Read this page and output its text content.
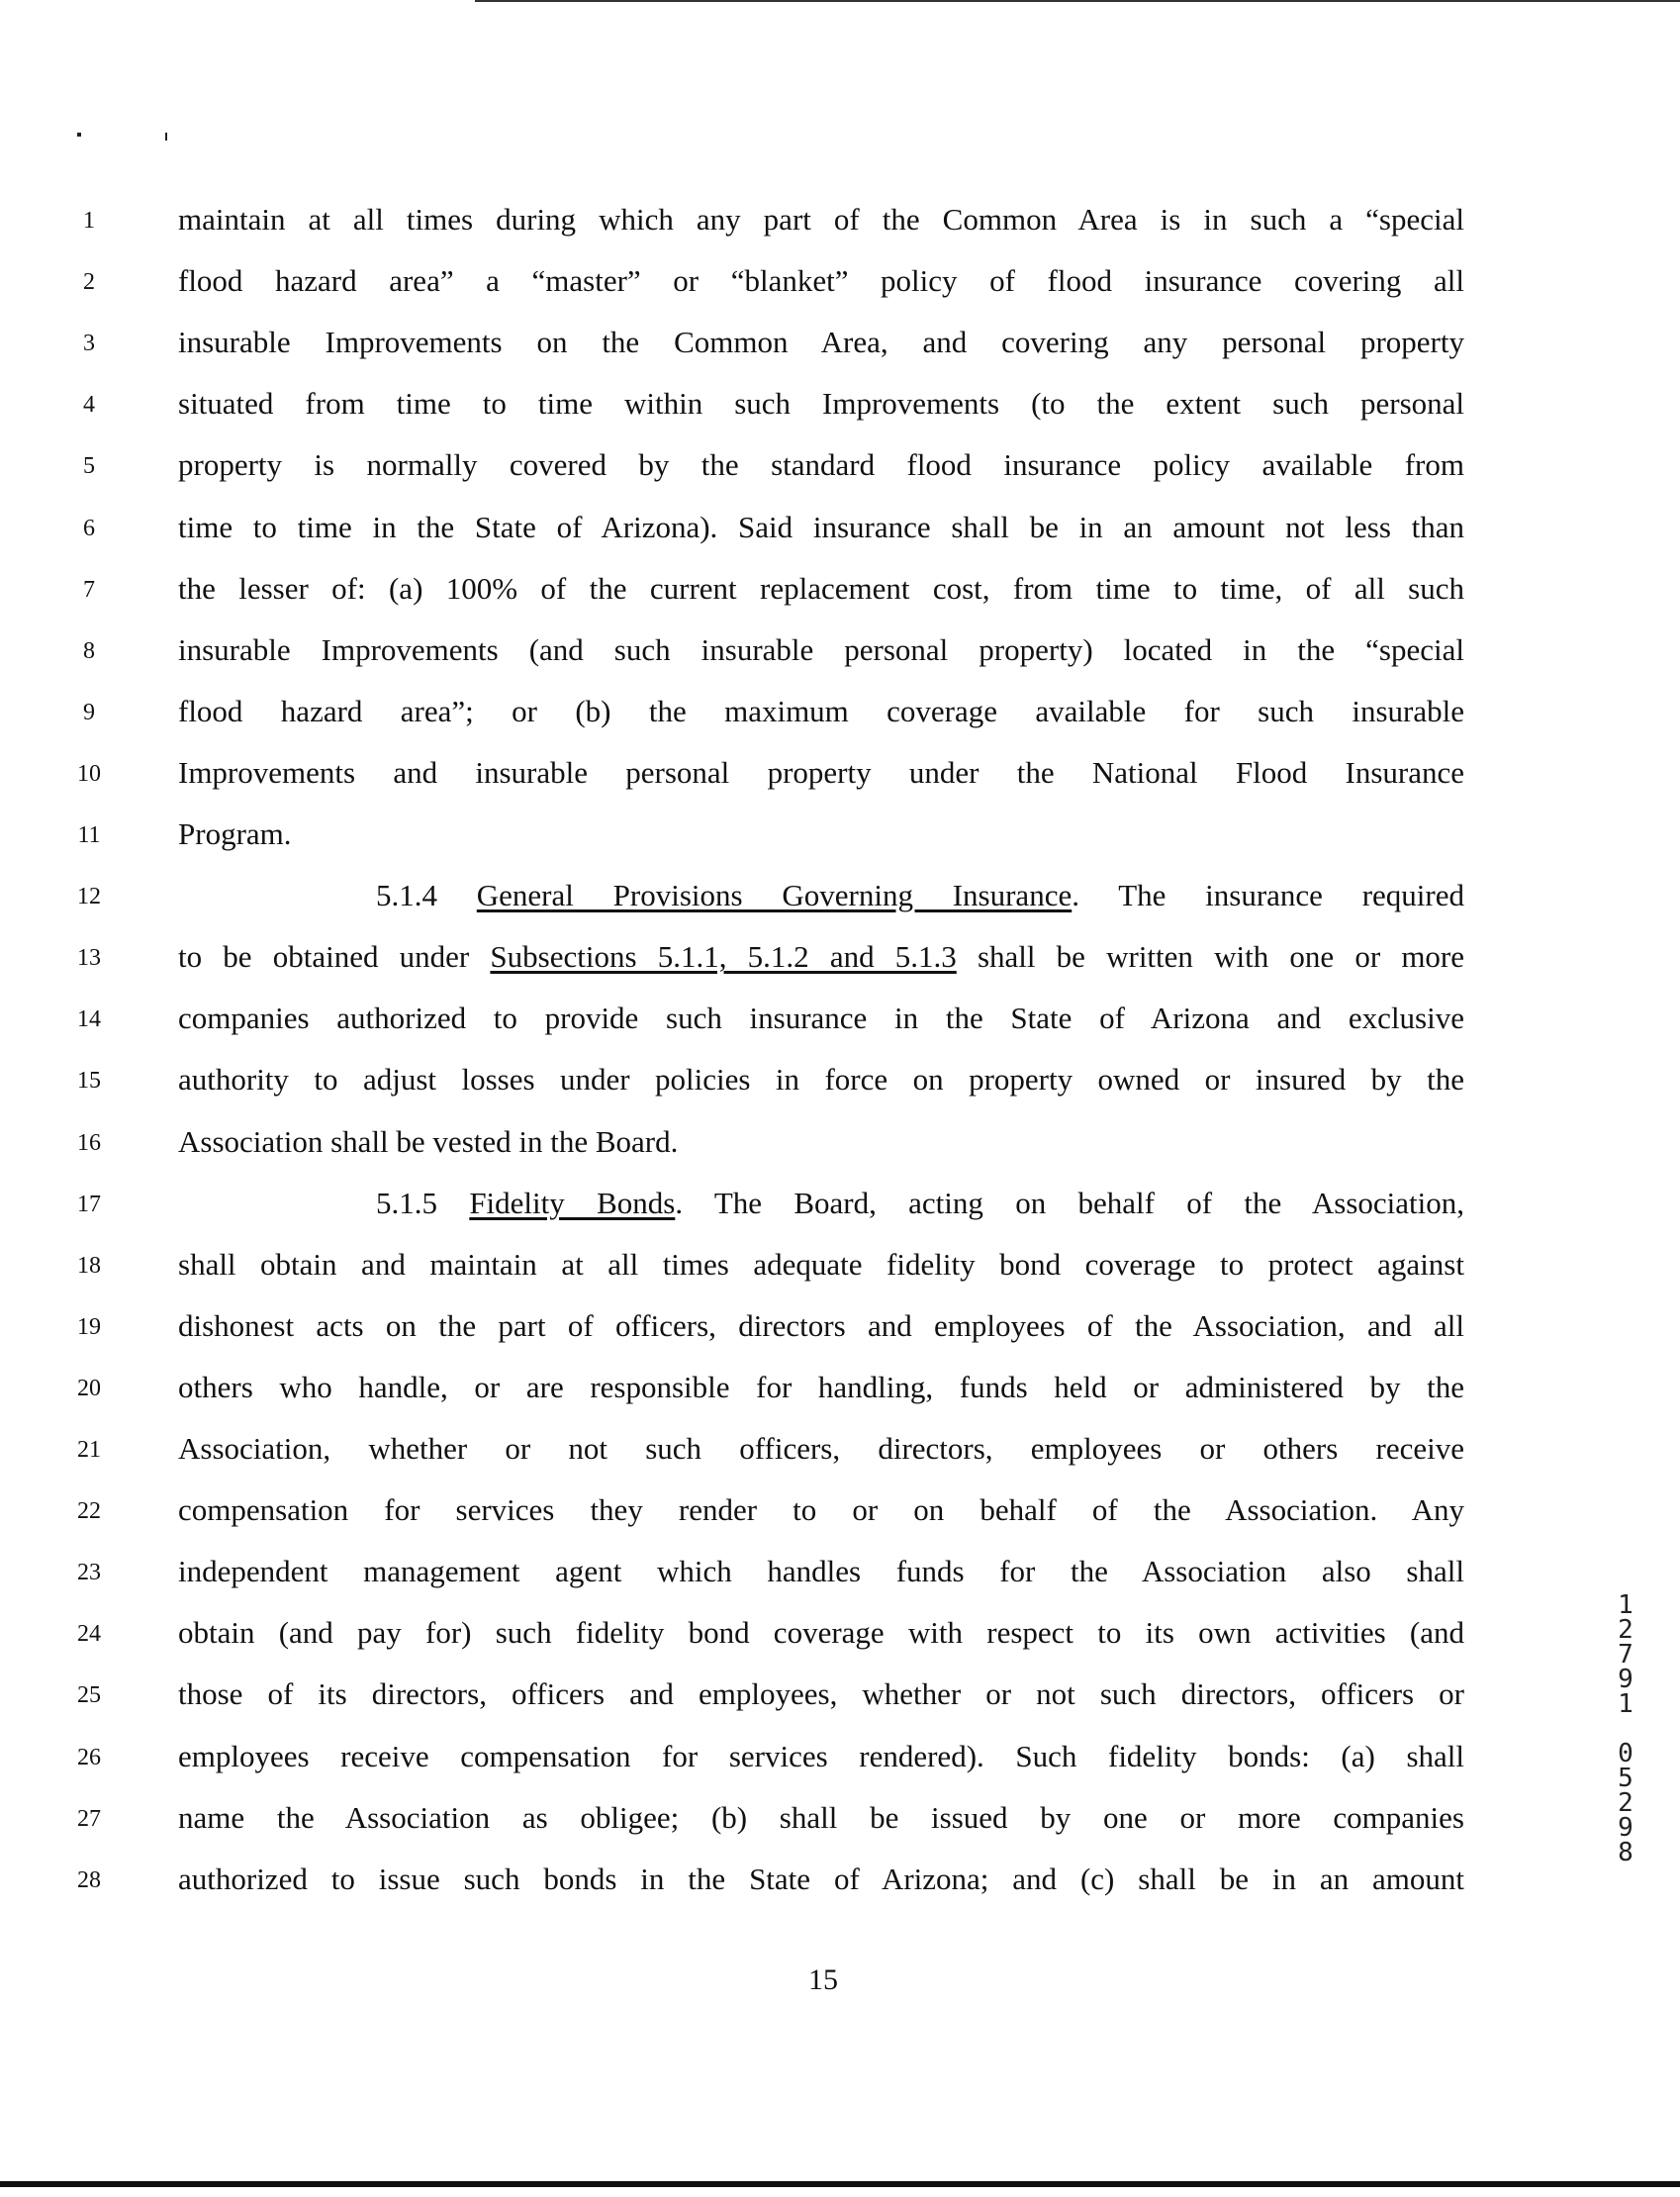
1	maintain at all times during which any part of the Common Area is in such a “special
2	flood hazard area” a “master” or “blanket” policy of flood insurance covering all
3	insurable Improvements on the Common Area, and covering any personal property
4	situated from time to time within such Improvements (to the extent such personal
5	property is normally covered by the standard flood insurance policy available from
6	time to time in the State of Arizona). Said insurance shall be in an amount not less than
7	the lesser of: (a) 100% of the current replacement cost, from time to time, of all such
8	insurable Improvements (and such insurable personal property) located in the “special
9	flood hazard area”; or (b) the maximum coverage available for such insurable
10	Improvements and insurable personal property under the National Flood Insurance
11	Program.
12	5.1.4 General Provisions Governing Insurance. The insurance required
13	to be obtained under Subsections 5.1.1, 5.1.2 and 5.1.3 shall be written with one or more
14	companies authorized to provide such insurance in the State of Arizona and exclusive
15	authority to adjust losses under policies in force on property owned or insured by the
16	Association shall be vested in the Board.
17	5.1.5 Fidelity Bonds. The Board, acting on behalf of the Association,
18	shall obtain and maintain at all times adequate fidelity bond coverage to protect against
19	dishonest acts on the part of officers, directors and employees of the Association, and all
20	others who handle, or are responsible for handling, funds held or administered by the
21	Association, whether or not such officers, directors, employees or others receive
22	compensation for services they render to or on behalf of the Association. Any
23	independent management agent which handles funds for the Association also shall
24	obtain (and pay for) such fidelity bond coverage with respect to its own activities (and
25	those of its directors, officers and employees, whether or not such directors, officers or
26	employees receive compensation for services rendered). Such fidelity bonds: (a) shall
27	name the Association as obligee; (b) shall be issued by one or more companies
28	authorized to issue such bonds in the State of Arizona; and (c) shall be in an amount
15
1
2
7
9
1

0
5
2
9
8
